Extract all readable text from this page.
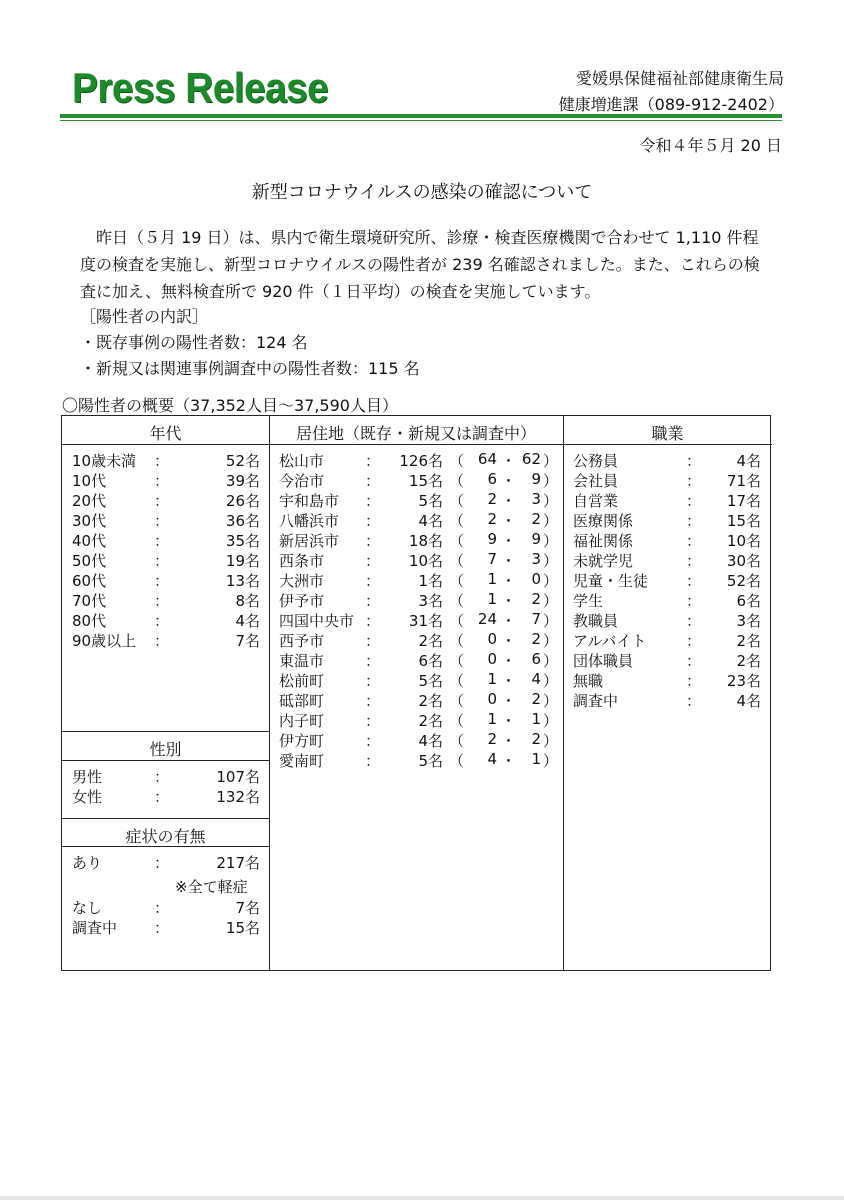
Press Release	愛媛県保健福祉部健康衛生局
健康増進課（089-912-2402）
令和４年５月 20 日
新型コロナウイルスの感染の確認について
昨日（５月 19 日）は、県内で衛生環境研究所、診療・検査医療機関で合わせて 1,110 件程
度の検査を実施し、新型コロナウイルスの陽性者が 239 名確認されました。また、これらの検
査に加え、無料検査所で 920 件（１日平均）の検査を実施しています。
［陽性者の内訳］
・既存事例の陽性者数：124 名
・新規又は関連事例調査中の陽性者数：115 名
〇陽性者の概要（37,352人目～37,590人目）
年代	居住地（既存・新規又は調査中）	職業
性別
症状の有無
10歳未満 ：	52名
10代	：	39名
20代	：	26名
30代	：	36名
40代	：	35名
50代	：	19名
60代	：	13名
70代	：	8名
80代	：	4名
90歳以上 ：	7名
男性	：	107名
女性	：	132名
あり	：	217名
なし	：	7名
調査中 ：	15名
※全て軽症
松山市	：	126名 （ 64 ・ 62 ）
今治市	：	15名 （	6 ・	9 ）
宇和島市 ：	5名 （	2 ・	3 ）
八幡浜市 ：	4名 （	2 ・	2 ）
新居浜市 ：	18名 （	9 ・	9 ）
西条市	：	10名 （	7 ・	3 ）
大洲市	：	1名 （	1 ・	0 ）
伊予市	：	3名 （	1 ・	2 ）
四国中央市 ：	31名 （ 24 ・	7 ）
西予市	：	2名 （	0 ・	2 ）
東温市	：	6名 （	0 ・	6 ）
松前町	：	5名 （	1 ・	4 ）
砥部町	：	2名 （	0 ・	2 ）
内子町	：	2名 （	1 ・	1 ）
伊方町	：	4名 （	2 ・	2 ）
愛南町	：	5名 （	4 ・	1 ）
公務員	：	4名
会社員	：	71名
自営業	：	17名
医療関係	：	15名
福祉関係	：	10名
未就学児	：	30名
児童・生徒	：	52名
学生	：	6名
教職員	：	3名
アルバイト	：	2名
団体職員	：	2名
無職	：	23名
調査中	：	4名
